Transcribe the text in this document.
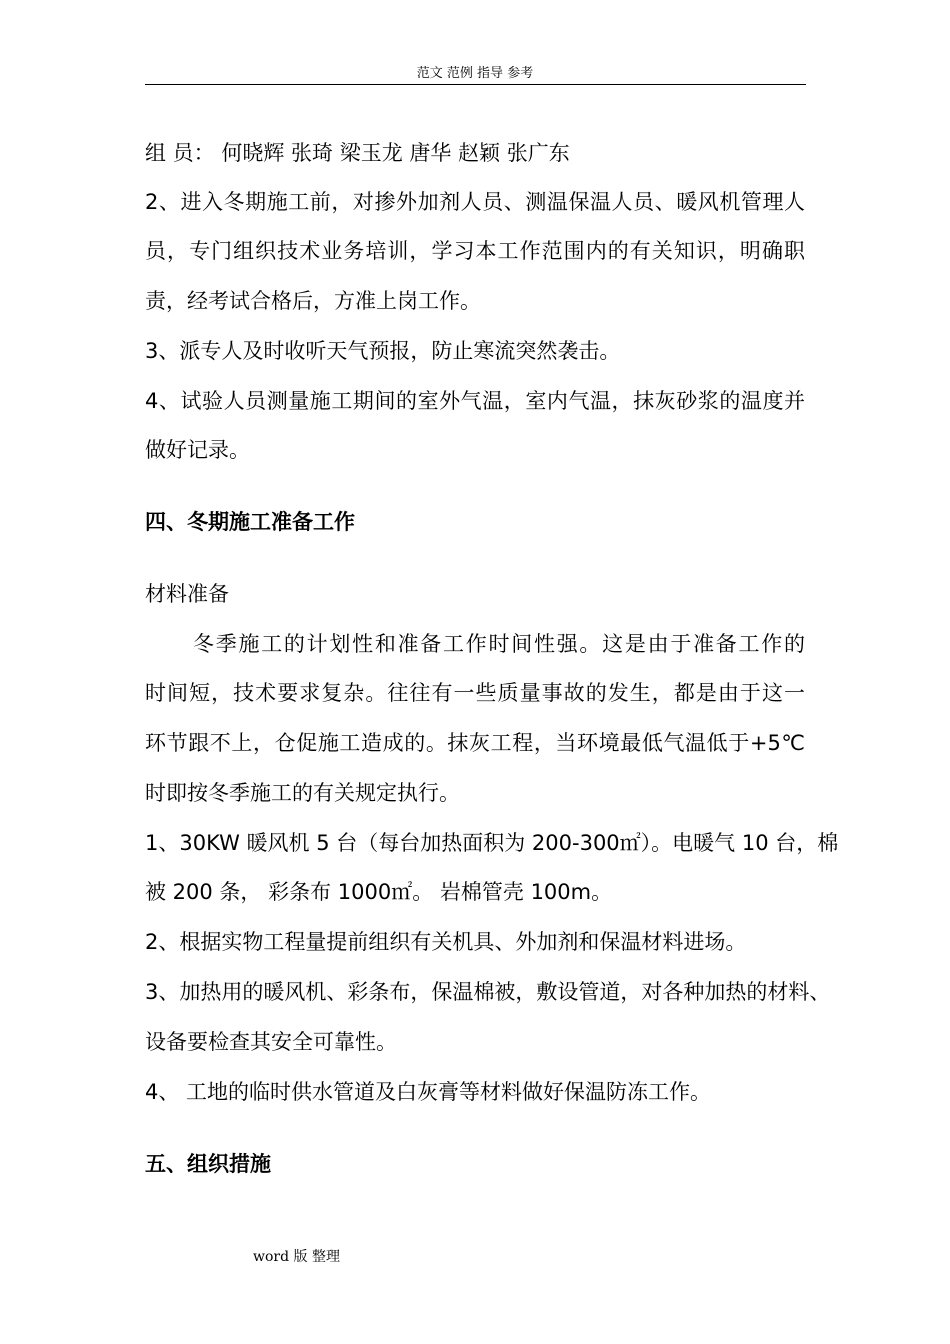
范文 范例 指导 参考
组 员： 何晓辉 张琦 梁玉龙 唐华 赵颖 张广东
2、进入冬期施工前，对掺外加剂人员、测温保温人员、暖风机管理人
员，专门组织技术业务培训，学习本工作范围内的有关知识，明确职
责，经考试合格后，方准上岗工作。
3、派专人及时收听天气预报，防止寒流突然袭击。
4、试验人员测量施工期间的室外气温，室内气温，抹灰砂浆的温度并
做好记录。
四、冬期施工准备工作
材料准备
冬季施工的计划性和准备工作时间性强。这是由于准备工作的
时间短，技术要求复杂。往往有一些质量事故的发生，都是由于这一
环节跟不上，仓促施工造成的。抹灰工程，当环境最低气温低于+5℃
时即按冬季施工的有关规定执行。
1、30KW 暖风机 5 台（每台加热面积为 200-300㎡）。电暖气 10 台，棉
被 200 条， 彩条布 1000㎡。 岩棉管壳 100m。
2、根据实物工程量提前组织有关机具、外加剂和保温材料进场。
3、加热用的暖风机、彩条布，保温棉被，敷设管道，对各种加热的材料、
设备要检查其安全可靠性。
4、 工地的临时供水管道及白灰膏等材料做好保温防冻工作。
五、组织措施
word 版 整理
